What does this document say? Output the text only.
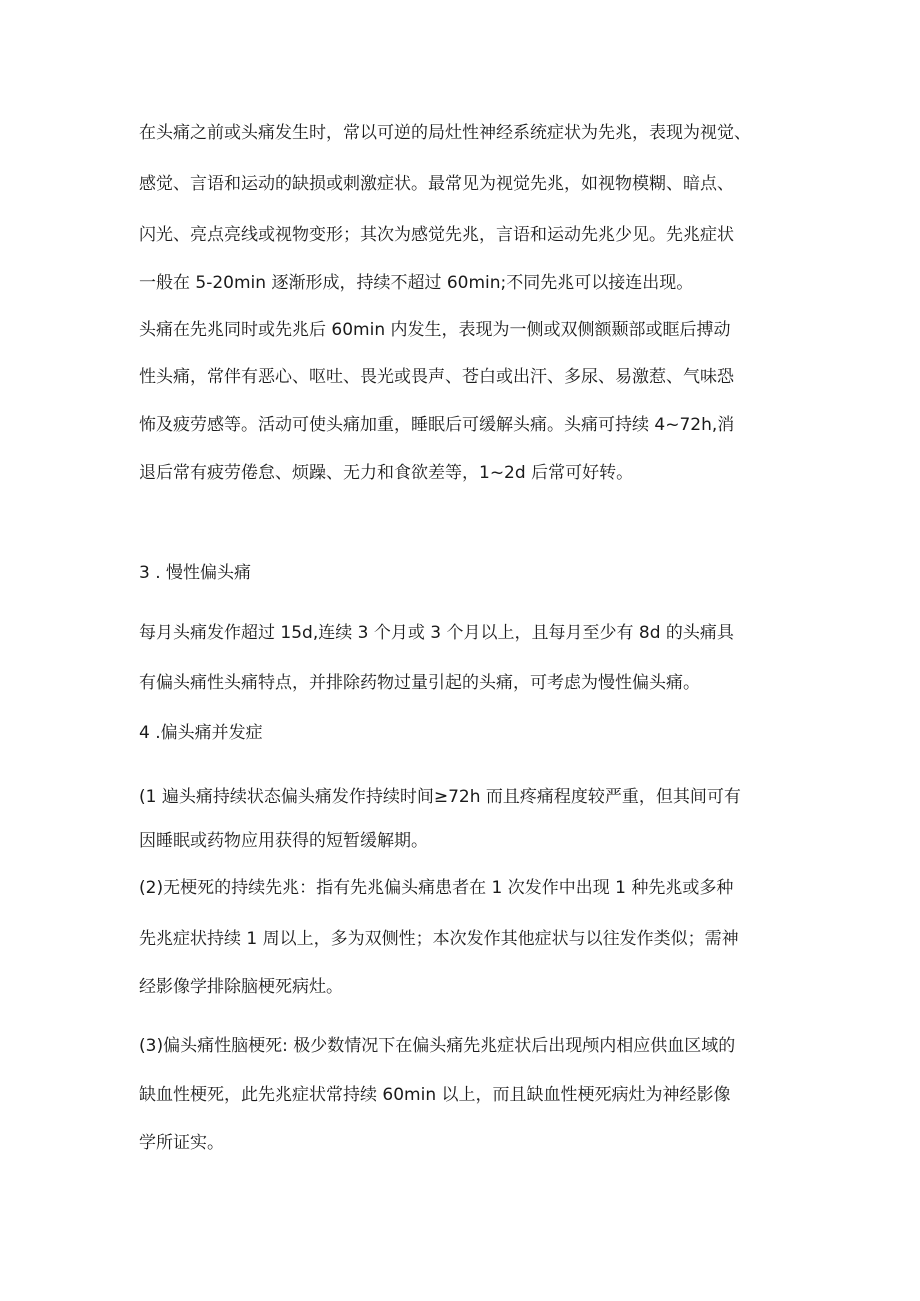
在头痛之前或头痛发生时，常以可逆的局灶性神经系统症状为先兆，表现为视觉、
感觉、言语和运动的缺损或刺激症状。最常见为视觉先兆，如视物模糊、暗点、
闪光、亮点亮线或视物变形；其次为感觉先兆，言语和运动先兆少见。先兆症状
一般在 5-20min 逐渐形成，持续不超过 60min;不同先兆可以接连出现。
头痛在先兆同时或先兆后 60min 内发生，表现为一侧或双侧额颞部或眶后搏动
性头痛，常伴有恶心、呕吐、畏光或畏声、苍白或出汗、多尿、易激惹、气味恐
怖及疲劳感等。活动可使头痛加重，睡眠后可缓解头痛。头痛可持续 4~72h,消
退后常有疲劳倦怠、烦躁、无力和食欲差等，1~2d 后常可好转。
3 . 慢性偏头痛
每月头痛发作超过 15d,连续 3 个月或 3 个月以上，且每月至少有 8d 的头痛具
有偏头痛性头痛特点，并排除药物过量引起的头痛，可考虑为慢性偏头痛。
4 .偏头痛并发症
(1 遍头痛持续状态偏头痛发作持续时间≥72h 而且疼痛程度较严重，但其间可有
因睡眠或药物应用获得的短暂缓解期。
(2)无梗死的持续先兆：指有先兆偏头痛患者在 1 次发作中出现 1 种先兆或多种
先兆症状持续 1 周以上，多为双侧性；本次发作其他症状与以往发作类似；需神
经影像学排除脑梗死病灶。
(3)偏头痛性脑梗死: 极少数情况下在偏头痛先兆症状后出现颅内相应供血区域的
缺血性梗死，此先兆症状常持续 60min 以上，而且缺血性梗死病灶为神经影像
学所证实。
